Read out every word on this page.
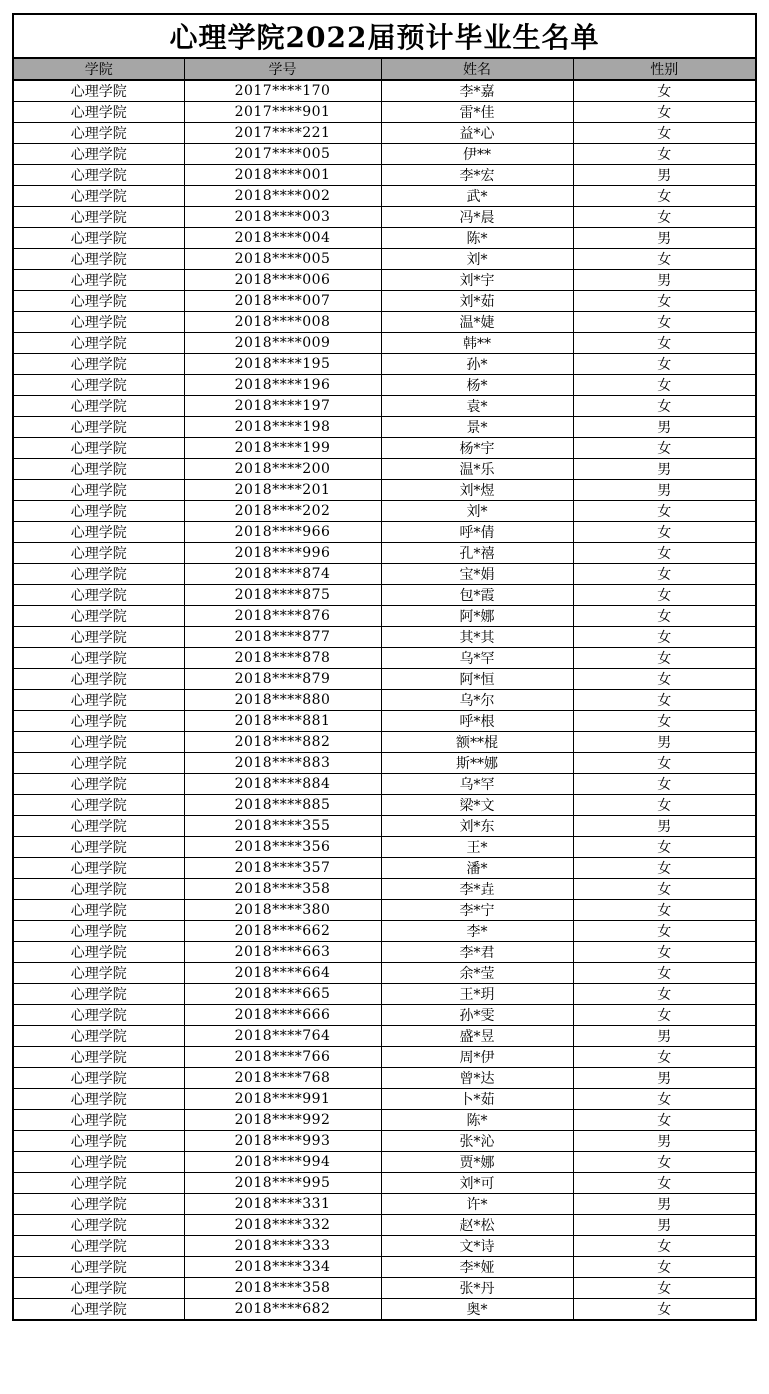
心理学院2022届预计毕业生名单			
学院	学号	姓名	性别
心理学院	2017****170	李*嘉	女
心理学院	2017****901	雷*佳	女
心理学院	2017****221	益*心	女
心理学院	2017****005	伊**	女
心理学院	2018****001	李*宏	男
心理学院	2018****002	武*	女
心理学院	2018****003	冯*晨	女
心理学院	2018****004	陈*	男
心理学院	2018****005	刘*	女
心理学院	2018****006	刘*宇	男
心理学院	2018****007	刘*茹	女
心理学院	2018****008	温*婕	女
心理学院	2018****009	韩**	女
心理学院	2018****195	孙*	女
心理学院	2018****196	杨*	女
心理学院	2018****197	袁*	女
心理学院	2018****198	景*	男
心理学院	2018****199	杨*宇	女
心理学院	2018****200	温*乐	男
心理学院	2018****201	刘*煜	男
心理学院	2018****202	刘*	女
心理学院	2018****966	呼*倩	女
心理学院	2018****996	孔*禧	女
心理学院	2018****874	宝*娟	女
心理学院	2018****875	包*霞	女
心理学院	2018****876	阿*娜	女
心理学院	2018****877	其*其	女
心理学院	2018****878	乌*罕	女
心理学院	2018****879	阿*恒	女
心理学院	2018****880	乌*尔	女
心理学院	2018****881	呼*根	女
心理学院	2018****882	额**棍	男
心理学院	2018****883	斯**娜	女
心理学院	2018****884	乌*罕	女
心理学院	2018****885	梁*文	女
心理学院	2018****355	刘*东	男
心理学院	2018****356	王*	女
心理学院	2018****357	潘*	女
心理学院	2018****358	李*垚	女
心理学院	2018****380	李*宁	女
心理学院	2018****662	李*	女
心理学院	2018****663	李*君	女
心理学院	2018****664	余*莹	女
心理学院	2018****665	王*玥	女
心理学院	2018****666	孙*雯	女
心理学院	2018****764	盛*昱	男
心理学院	2018****766	周*伊	女
心理学院	2018****768	曾*达	男
心理学院	2018****991	卜*茹	女
心理学院	2018****992	陈*	女
心理学院	2018****993	张*沁	男
心理学院	2018****994	贾*娜	女
心理学院	2018****995	刘*可	女
心理学院	2018****331	许*	男
心理学院	2018****332	赵*松	男
心理学院	2018****333	文*诗	女
心理学院	2018****334	李*娅	女
心理学院	2018****358	张*丹	女
心理学院	2018****682	奥*	女
